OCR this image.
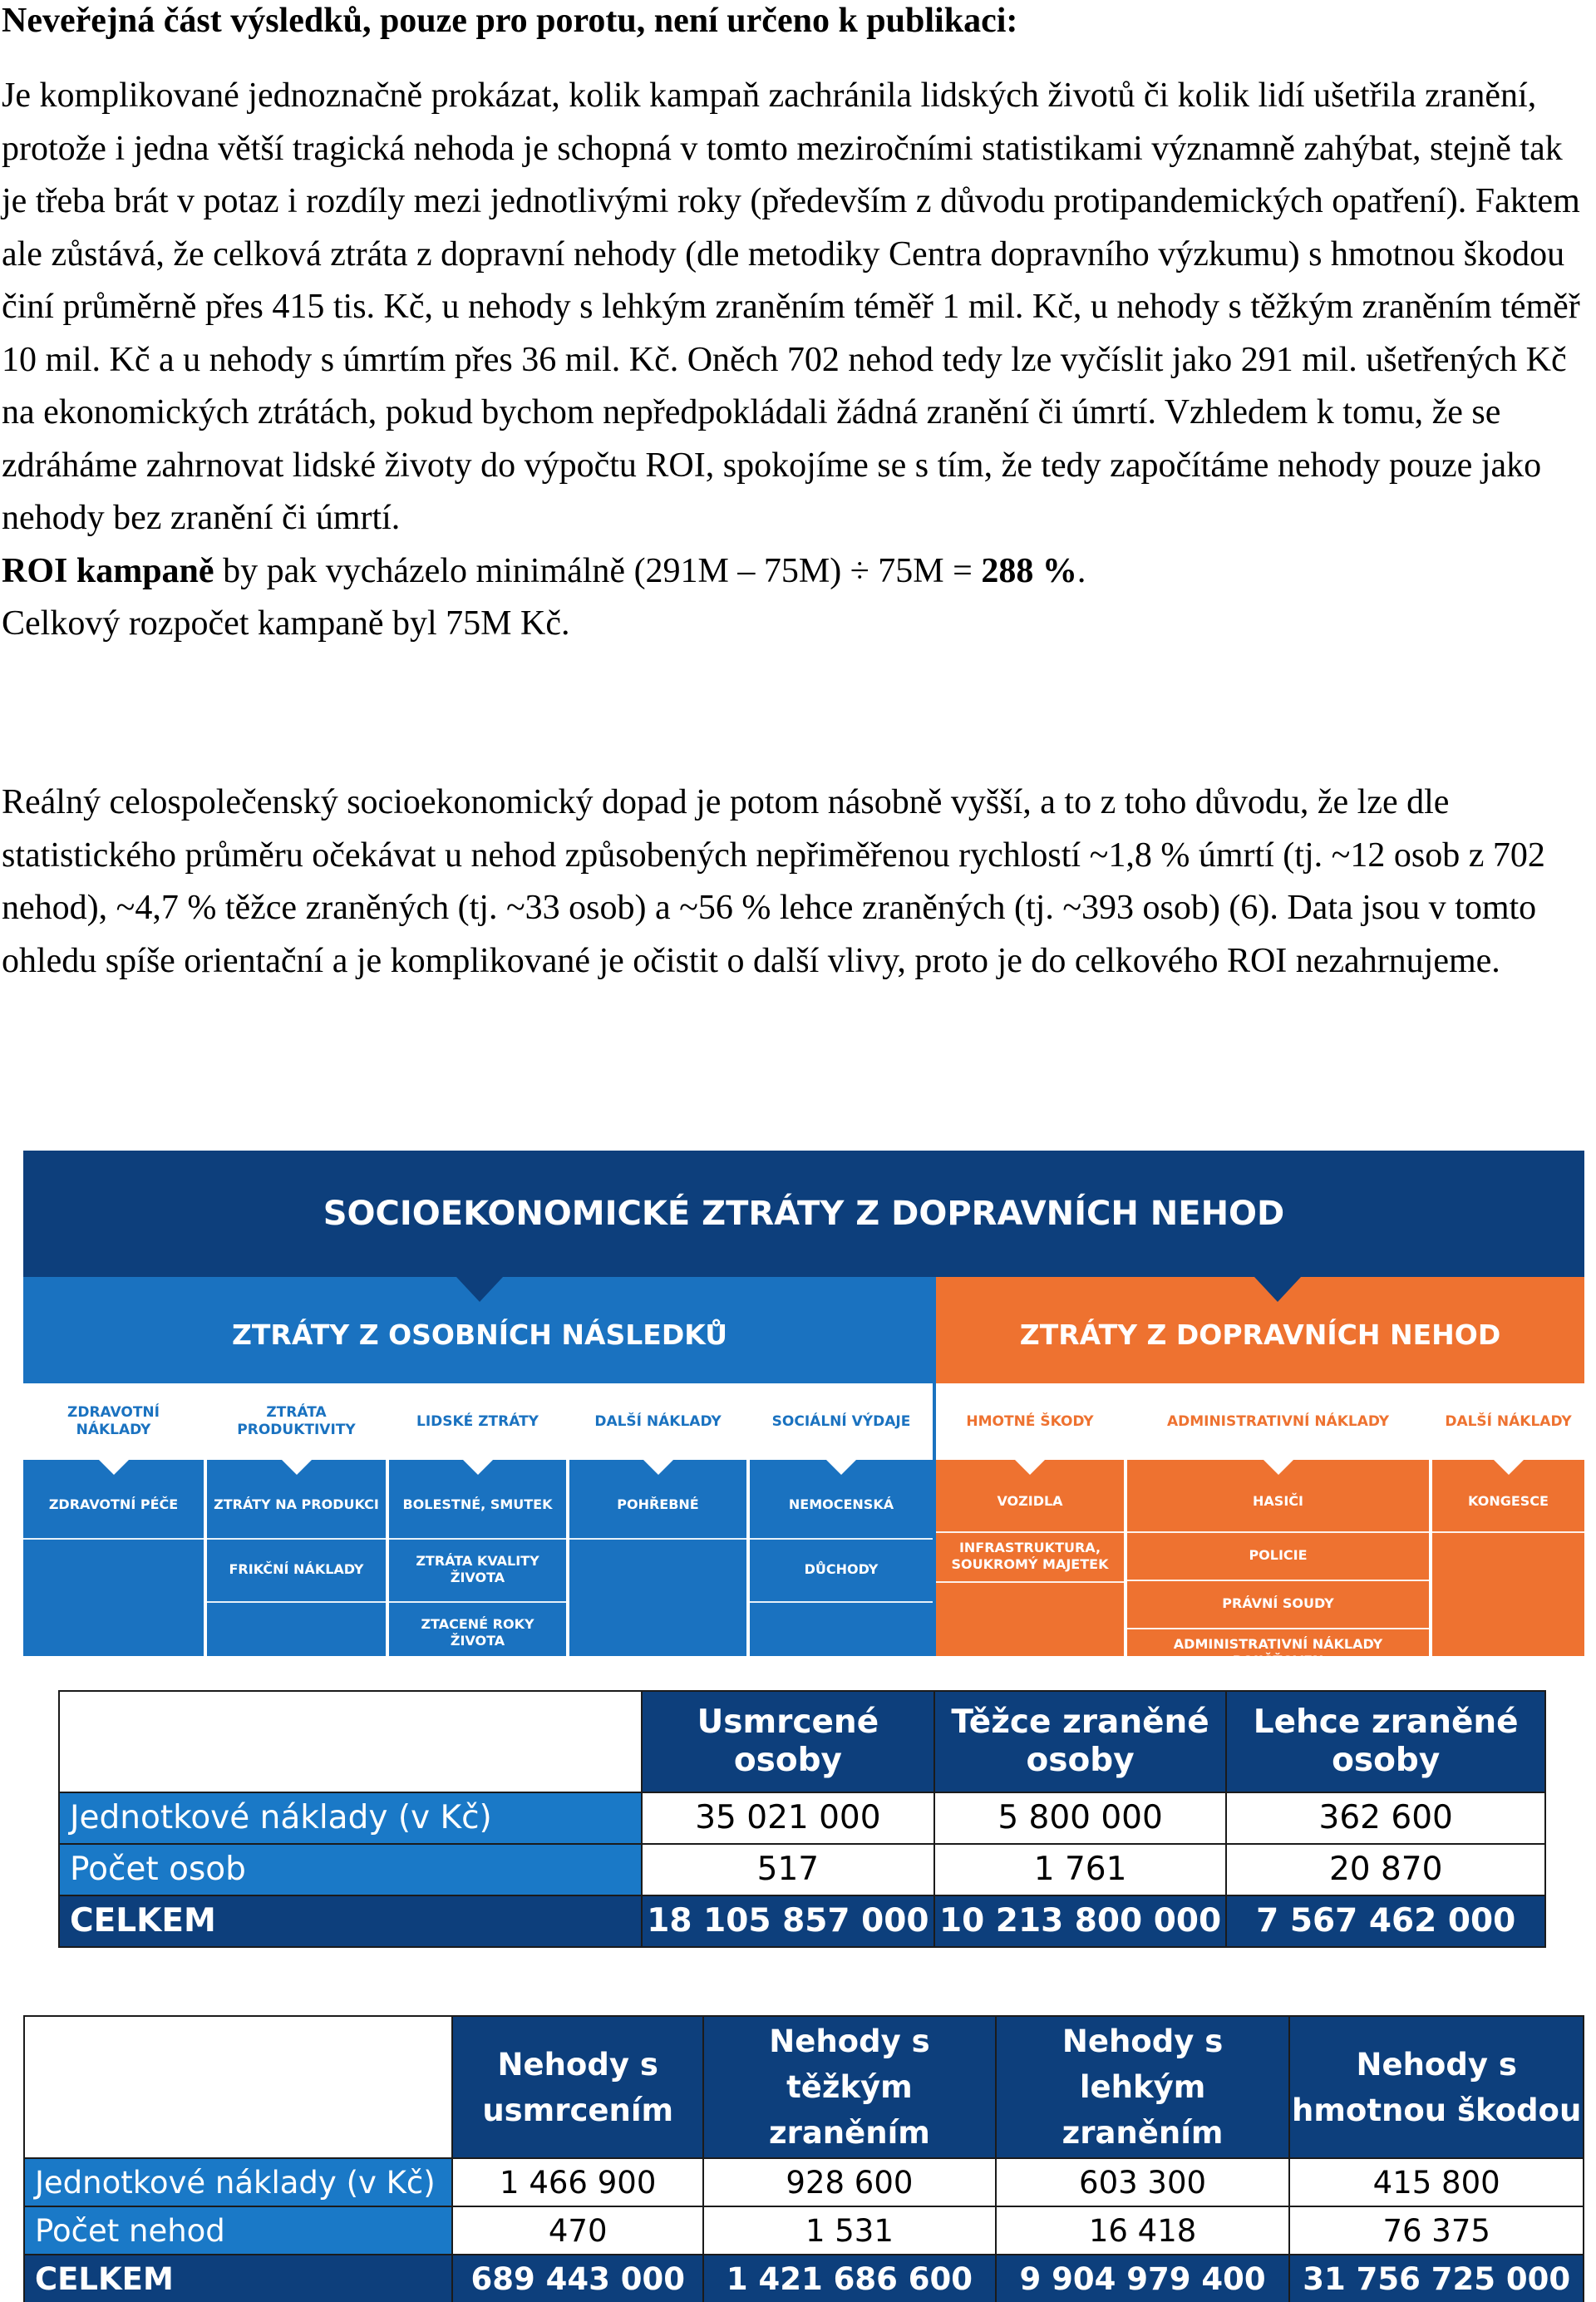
Neveřejná část výsledků, pouze pro porotu, není určeno k publikaci:

Je komplikované jednoznačně prokázat, kolik kampaň zachránila lidských životů či kolik lidí ušetřila zranění, protože i jedna větší tragická nehoda je schopná v tomto meziročními statistikami významně zahýbat, stejně tak je třeba brát v potaz i rozdíly mezi jednotlivými roky (především z důvodu protipandemických opatření). Faktem ale zůstává, že celková ztráta z dopravní nehody (dle metodiky Centra dopravního výzkumu) s hmotnou škodou činí průměrně přes 415 tis. Kč, u nehody s lehkým zraněním téměř 1 mil. Kč, u nehody s těžkým zraněním téměř 10 mil. Kč a u nehody s úmrtím přes 36 mil. Kč. Oněch 702 nehod tedy lze vyčíslit jako 291 mil. ušetřených Kč na ekonomických ztrátách, pokud bychom nepředpokládali žádná zranění či úmrtí. Vzhledem k tomu, že se zdráháme zahrnovat lidské životy do výpočtu ROI, spokojíme se s tím, že tedy započítáme nehody pouze jako nehody bez zranění či úmrtí.

ROI kampaně by pak vycházelo minimálně (291M – 75M) ÷ 75M = 288 %.

Celkový rozpočet kampaně byl 75M Kč.

Reálný celospolečenský socioekonomický dopad je potom násobně vyšší, a to z toho důvodu, že lze dle statistického průměru očekávat u nehod způsobených nepřiměřenou rychlostí ~1,8 % úmrtí (tj. ~12 osob z 702 nehod), ~4,7 % těžce zraněných (tj. ~33 osob) a ~56 % lehce zraněných (tj. ~393 osob) (6). Data jsou v tomto ohledu spíše orientační a je komplikované je očistit o další vlivy, proto je do celkového ROI nezahrnujeme.
SOCIOEKONOMICKÉ ZTRÁTY Z DOPRAVNÍCH NEHOD
ZTRÁTY Z OSOBNÍCH NÁSLEDKŮ
ZDRAVOTNÍ NÁKLADY
ZDRAVOTNÍ PÉČE
ZTRÁTA PRODUKTIVITY
ZTRÁTY NA PRODUKCI
FRIKČNÍ NÁKLADY
LIDSKÉ ZTRÁTY
BOLESTNÉ, SMUTEK
ZTRÁTA KVALITY ŽIVOTA
ZTACENÉ ROKY ŽIVOTA
DALŠÍ NÁKLADY
POHŘEBNÉ
SOCIÁLNÍ VÝDAJE
NEMOCENSKÁ
DŮCHODY
ZTRÁTY Z DOPRAVNÍCH NEHOD
HMOTNÉ ŠKODY
VOZIDLA
INFRASTRUKTURA, SOUKROMÝ MAJETEK
ADMINISTRATIVNÍ NÁKLADY
HASIČI
POLICIE
PRÁVNÍ SOUDY
ADMINISTRATIVNÍ NÁKLADY POJIŠŤOVEN
DALŠÍ NÁKLADY
KONGESCE
	Usmrcené osoby	Těžce zraněné osoby	Lehce zraněné osoby
Jednotkové náklady (v Kč)	35 021 000	5 800 000	362 600
Počet osob	517	1 761	20 870
CELKEM	18 105 857 000	10 213 800 000	7 567 462 000
	Nehody s usmrcením	Nehody s těžkým zraněním	Nehody s lehkým zraněním	Nehody s hmotnou škodou
Jednotkové náklady (v Kč)	1 466 900	928 600	603 300	415 800
Počet nehod	470	1 531	16 418	76 375
CELKEM	689 443 000	1 421 686 600	9 904 979 400	31 756 725 000
